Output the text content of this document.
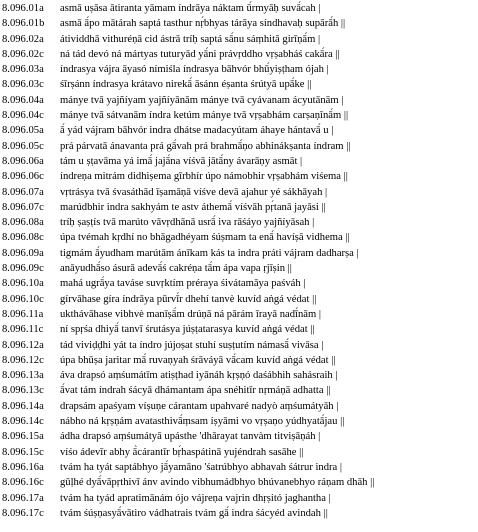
8.096.01a	asmā uṣāsa ātiranta yāmam índrāya náktam ū́rmyāḥ suvā́cah |
8.096.01b	asmā ā́po mātárah saptá tasthur nṛ́bhyas tárāya síndhavaḥ supārā́h ||
8.096.02a	átividdhā vithuréṇā cid ástrā tríḥ saptá sā́nu sáṃhitā girīṇā́m |
8.096.02c	ná tád devó ná mártyas tuturyād yā́ni právṛddho vṛṣabháś cakā́ra ||
8.096.03a	índrasya vájra āyasó nímiśla índrasya bāhvór bhū́yiṣṭham ójah |
8.096.03c	śīrṣánn índrasya krátavo nirekā́ āsánn éṣanta śrútyā upā́ke ||
8.096.04a	mánye tvā yajñíyam yajñíyānām mánye tvā cyávanam ácyutānām |
8.096.04c	mánye tvā sátvanām índra ketúm mánye tvā vṛṣabhám carṣaṇīnā́m ||
8.096.05a	ā́ yád vájram bāhvór indra dhátse madacyútam áhaye hántavā́ u |
8.096.05c	prá párvatā ánavanta prá gā́vah prá brahmā́ṇo abhinákṣanta índram ||
8.096.06a	tám u ṣṭavāma yá imā́ jajā́na víśvā jātā́ny ávarāṇy asmāt |
8.096.06c	índreṇa mitrám didhiṣema gīrbhír úpo námobhir vṛṣabhám viśema ||
8.096.07a	vṛtrásya tvā śvasáthād īṣamāṇā víśve devā ajahur yé sákhāyah |
8.096.07c	marúdbhir indra sakhyám te astv áthemā́ víśvāh pṛ́tanā jayāsi ||
8.096.08a	tríḥ ṣaṣṭís tvā marúto vāvṛdhānā usrā́ iva rāśáyo yajñíyāsah |
8.096.08c	úpa tvémah kṛdhí no bhāgadhéyam śúṣmam ta enā́ havíṣā vidhema ||
8.096.09a	tigmám ā́yudham marútām ánīkam kás ta indra práti vájram dadharṣa |
8.096.09c	anāyudhā́so ásurā adevā́ś cakréṇa tā́m ápa vapa ṛjīṣin ||
8.096.10a	mahá ugrā́ya taváse suvṛktím préraya śivátamāya paśváh |
8.096.10c	gírvāhase gíra índrāya pūrvī́r dhehí tanvè kuvíd aṅgá védat ||
8.096.11a	ukthávāhase vibhvè manīṣā́m drúṇā ná pārám īrayā nadī́nām |
8.096.11c	ní spṛśa dhiyā́ tanvī śrutásya júṣṭatarasya kuvíd aṅgá védat ||
8.096.12a	tád viviḍḍhi yát ta índro jújoṣat stuhí suṣṭutím námasā́ vivāsa |
8.096.12c	úpa bhūṣa jaritar mā́ ruvaṇyah śrāváyā vā́cam kuvíd aṅgá védat ||
8.096.13a	áva drapsó aṃśumátīm atiṣṭhad iyānáh kṛṣṇó daśábhih sahásraih |
8.096.13c	ā́vat tám índrah śácyā dhámantam ápa snéhitīr nṛmáṇā adhatta ||
8.096.14a	drapsám apaśyam víṣuṇe cárantam upahvaré nadyò aṃśumátyāh |
8.096.14c	nábho ná kṛṣṇám avatasthivā́ṃsam íṣyāmi vo vṛṣaṇo yúdhyatā́jau ||
8.096.15a	ádha drapsó aṃśumátyā upásthe 'dhārayat tanvàm titviṣāṇáh |
8.096.15c	víśo ádevīr abhy ā̀cárantīr bṛ́haspátinā yujéndrah sasāhe ||
8.096.16a	tvám ha tyát saptábhyo jā́yamāno 'śatrúbhyo abhavah śátrur indra |
8.096.16c	gūḷhé dyā́vāpṛthivī ánv avindo vibhumádbhyo bhúvanebhyo ráṇam dhāh ||
8.096.17a	tvám ha tyád apratimānám ójo vájreṇa vajrin dhṛṣitó jaghantha |
8.096.17c	tvám śúṣṇasyā́vātiro vádhatrais tvám gā́ indra śácyéd avindah ||
